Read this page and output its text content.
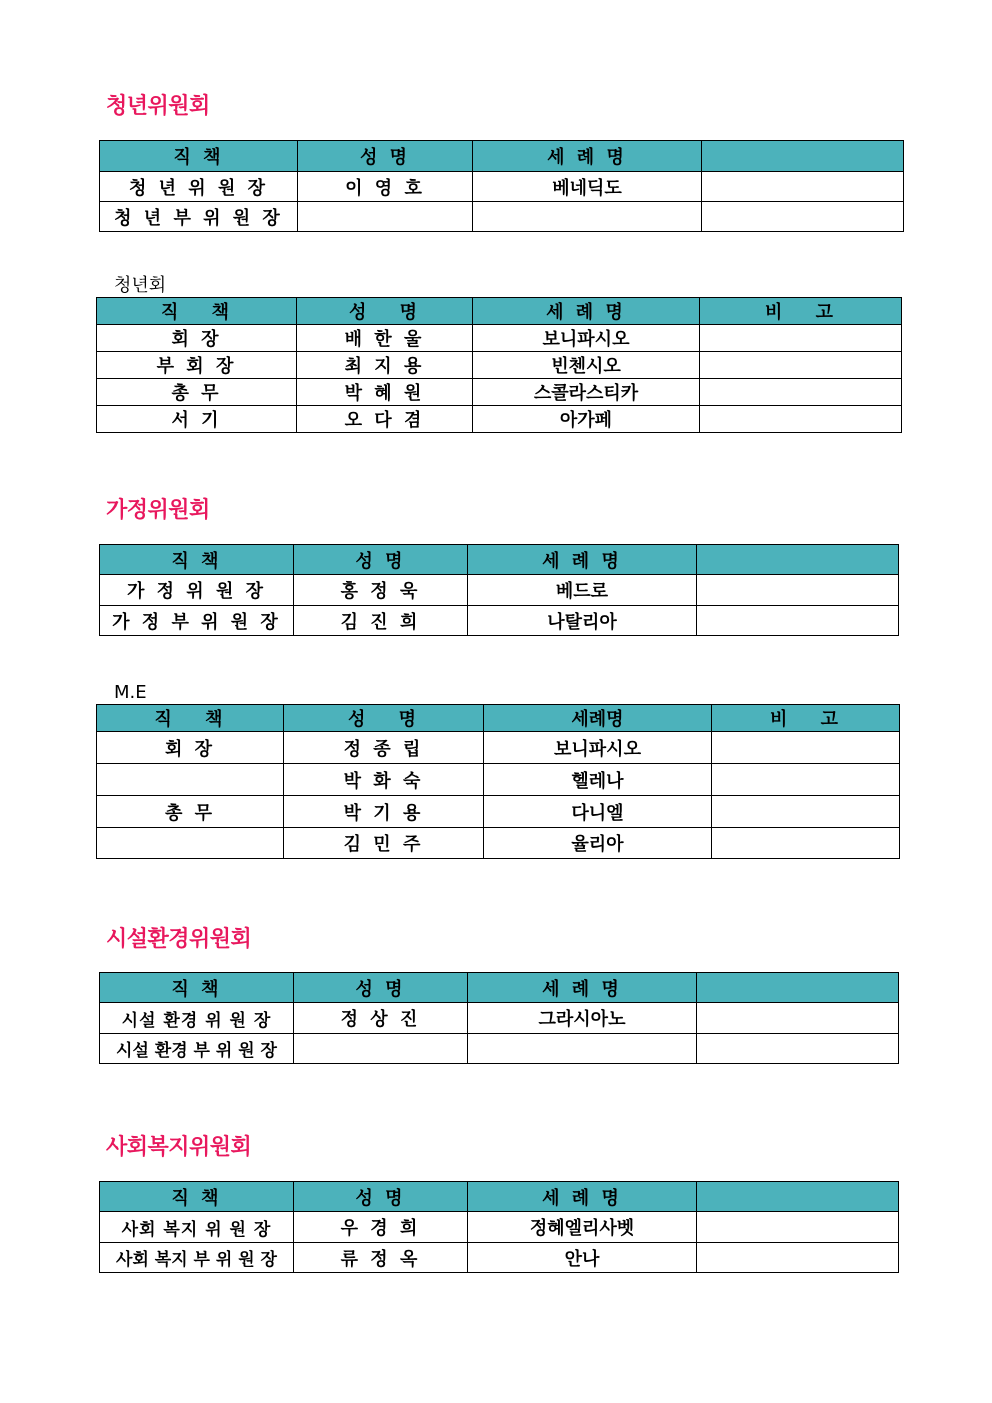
청년위원회
직 책	성 명	세 례 명	
청 년 위 원 장	이 영 호	베네딕도	
청 년 부 위 원 장			
청년회
직　 책	성　 명	세 례 명	비　 고
회 장	배 한 울	보니파시오	
부 회 장	최 지 용	빈첸시오	
총 무	박 혜 원	스콜라스티카	
서 기	오 다 겸	아가페	
가정위원회
직 책	성 명	세 례 명	
가 정 위 원 장	홍 정 욱	베드로	
가 정 부 위 원 장	김 진 희	나탈리아	
M.E
직　 책	성　 명	세례명	비　 고
회 장	정 종 립	보니파시오	
	박 화 숙	헬레나	
총 무	박 기 용	다니엘	
	김 민 주	율리아	
시설환경위원회
직 책	성 명	세 례 명	
시설 환경 위 원 장	정 상 진	그라시아노	
시설 환경 부 위 원 장			
사회복지위원회
직 책	성 명	세 례 명	
사회 복지 위 원 장	우 경 희	정혜엘리사벳	
사회 복지 부 위 원 장	류 정 옥	안나	
